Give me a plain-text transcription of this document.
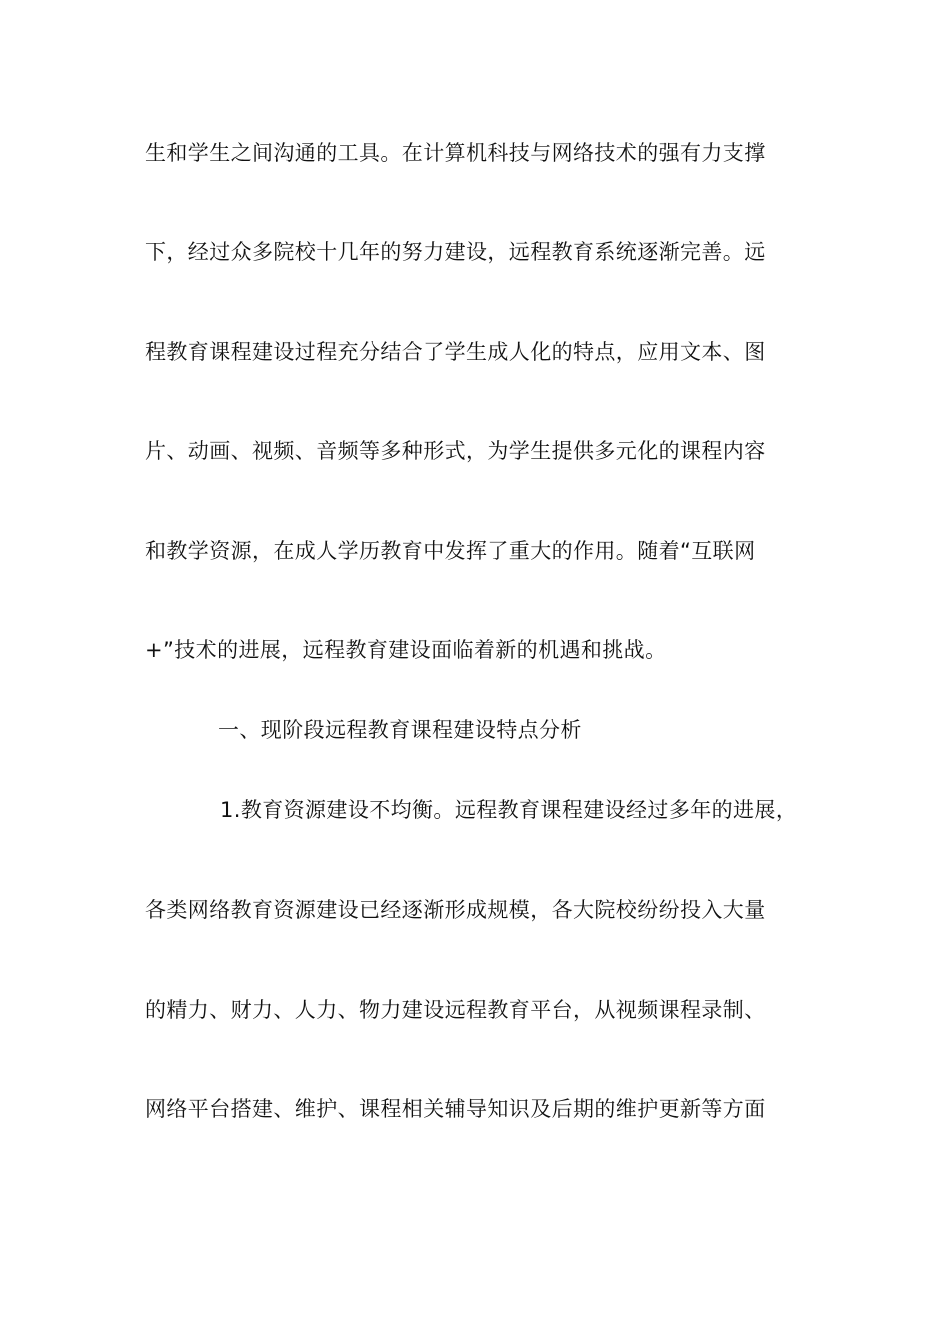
生和学生之间沟通的工具。在计算机科技与网络技术的强有力支撑
下，经过众多院校十几年的努力建设，远程教育系统逐渐完善。远
程教育课程建设过程充分结合了学生成人化的特点，应用文本、图
片、动画、视频、音频等多种形式，为学生提供多元化的课程内容
和教学资源，在成人学历教育中发挥了重大的作用。随着“互联网
+”技术的进展，远程教育建设面临着新的机遇和挑战。
一、现阶段远程教育课程建设特点分析
1.教育资源建设不均衡。远程教育课程建设经过多年的进展，
各类网络教育资源建设已经逐渐形成规模，各大院校纷纷投入大量
的精力、财力、人力、物力建设远程教育平台，从视频课程录制、
网络平台搭建、维护、课程相关辅导知识及后期的维护更新等方面
